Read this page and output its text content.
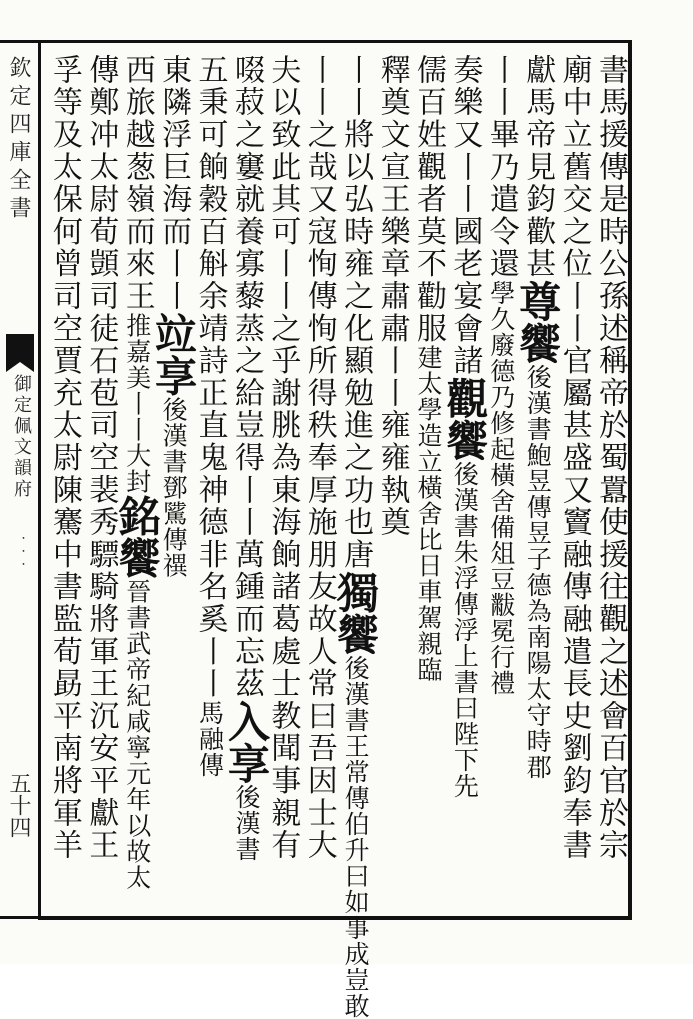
欽定四庫全書
御定佩文韻府
．．．
五十四	書馬援傳是時公孫述稱帝於蜀囂使援往觀之述會百官於宗
廟中立舊交之位丨丨官屬甚盛又竇融傳融遣長史劉鈞奉書
獻馬帝見鈞歡甚尊饗後漢書鮑昱傳昱子德為南陽太守時郡
丨丨畢乃遣令還學久廢德乃修起橫舍備俎豆黻冕行禮
奏樂又丨丨國老宴會諸觀饗後漢書朱浮傳浮上書曰陛下先
儒百姓觀者莫不勸服建太學造立橫舍比日車駕親臨
釋奠文宣王樂章肅肅丨丨雍雍執奠
丨丨將以弘時雍之化顯勉進之功也唐獨饗後漢書王常傳伯升曰如事成豈敢
丨丨之哉又寇恂傳恂所得秩奉厚施朋友故人常曰吾因士大
夫以致此其可丨丨之乎謝朓為東海餉諸葛處士教聞事親有
啜菽之窶就養寡藜蒸之給豈得丨丨萬鍾而忘茲入享後漢書
五秉可餉穀百斛余靖詩正直鬼神德非名奚丨丨馬融傳
東隣浮巨海而丨丨竝享後漢書鄧騭傳禩
西旅越葱嶺而來王推嘉美丨丨大封銘饗晉書武帝紀咸寧元年以故太
傳鄭冲太尉荀顗司徒石苞司空裴秀驃騎將軍王沉安平獻王
孚等及太保何曾司空賈充太尉陳騫中書監荀勗平南將軍羊
